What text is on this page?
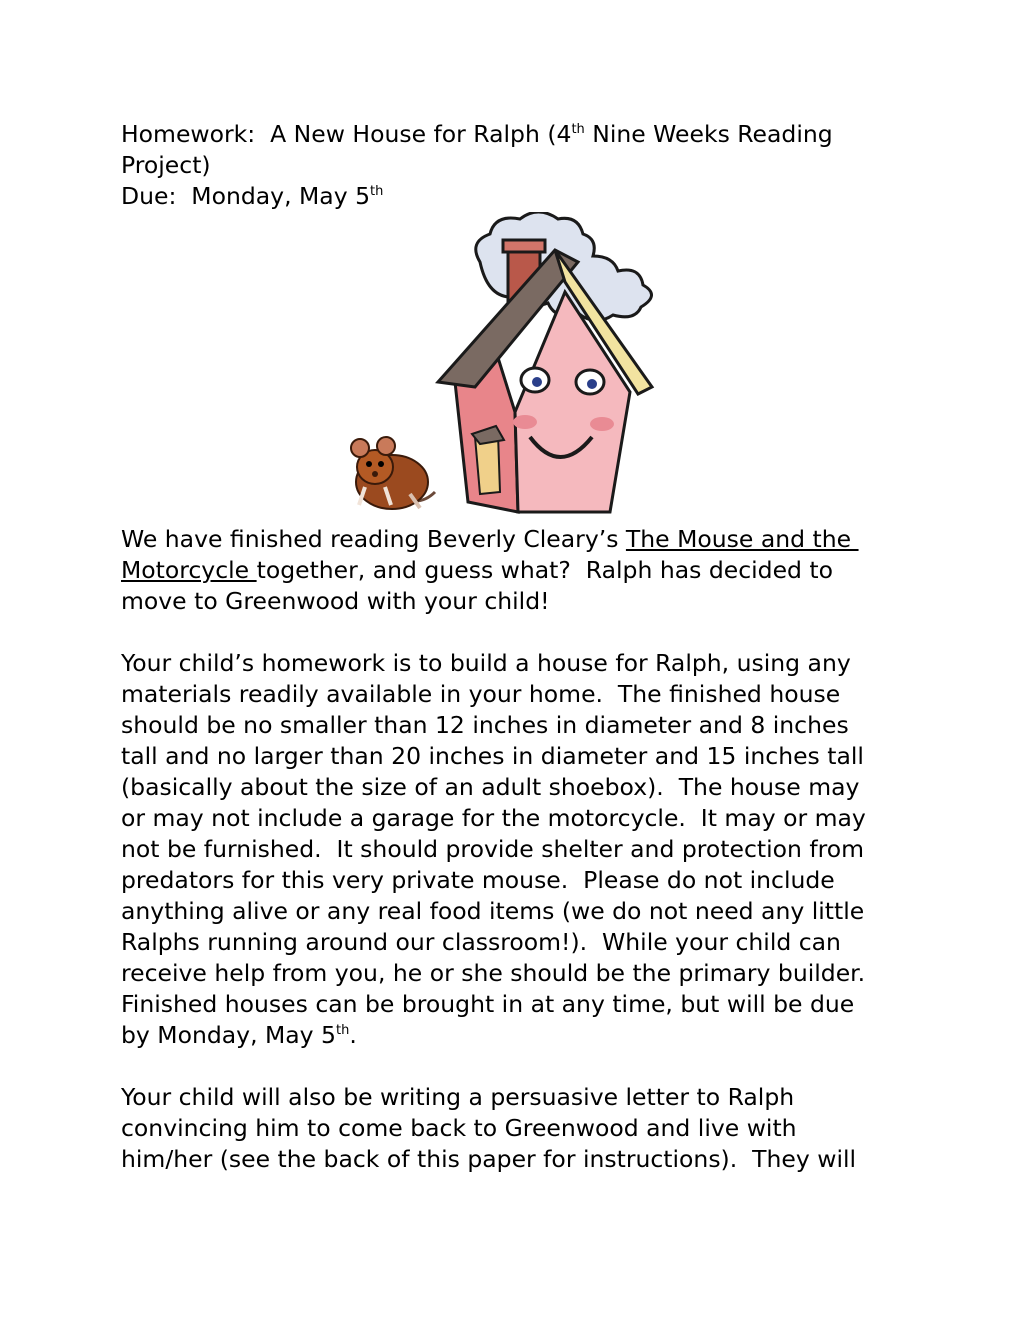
Homework:  A New House for Ralph (4th Nine Weeks Reading
Project)
Due:  Monday, May 5th
We have finished reading Beverly Cleary’s The Mouse and the
Motorcycle together, and guess what?  Ralph has decided to
move to Greenwood with your child!
Your child’s homework is to build a house for Ralph, using any
materials readily available in your home.  The finished house
should be no smaller than 12 inches in diameter and 8 inches
tall and no larger than 20 inches in diameter and 15 inches tall
(basically about the size of an adult shoebox).  The house may
or may not include a garage for the motorcycle.  It may or may
not be furnished.  It should provide shelter and protection from
predators for this very private mouse.  Please do not include
anything alive or any real food items (we do not need any little
Ralphs running around our classroom!).  While your child can
receive help from you, he or she should be the primary builder.
Finished houses can be brought in at any time, but will be due
by Monday, May 5th.
Your child will also be writing a persuasive letter to Ralph
convincing him to come back to Greenwood and live with
him/her (see the back of this paper for instructions).  They will
